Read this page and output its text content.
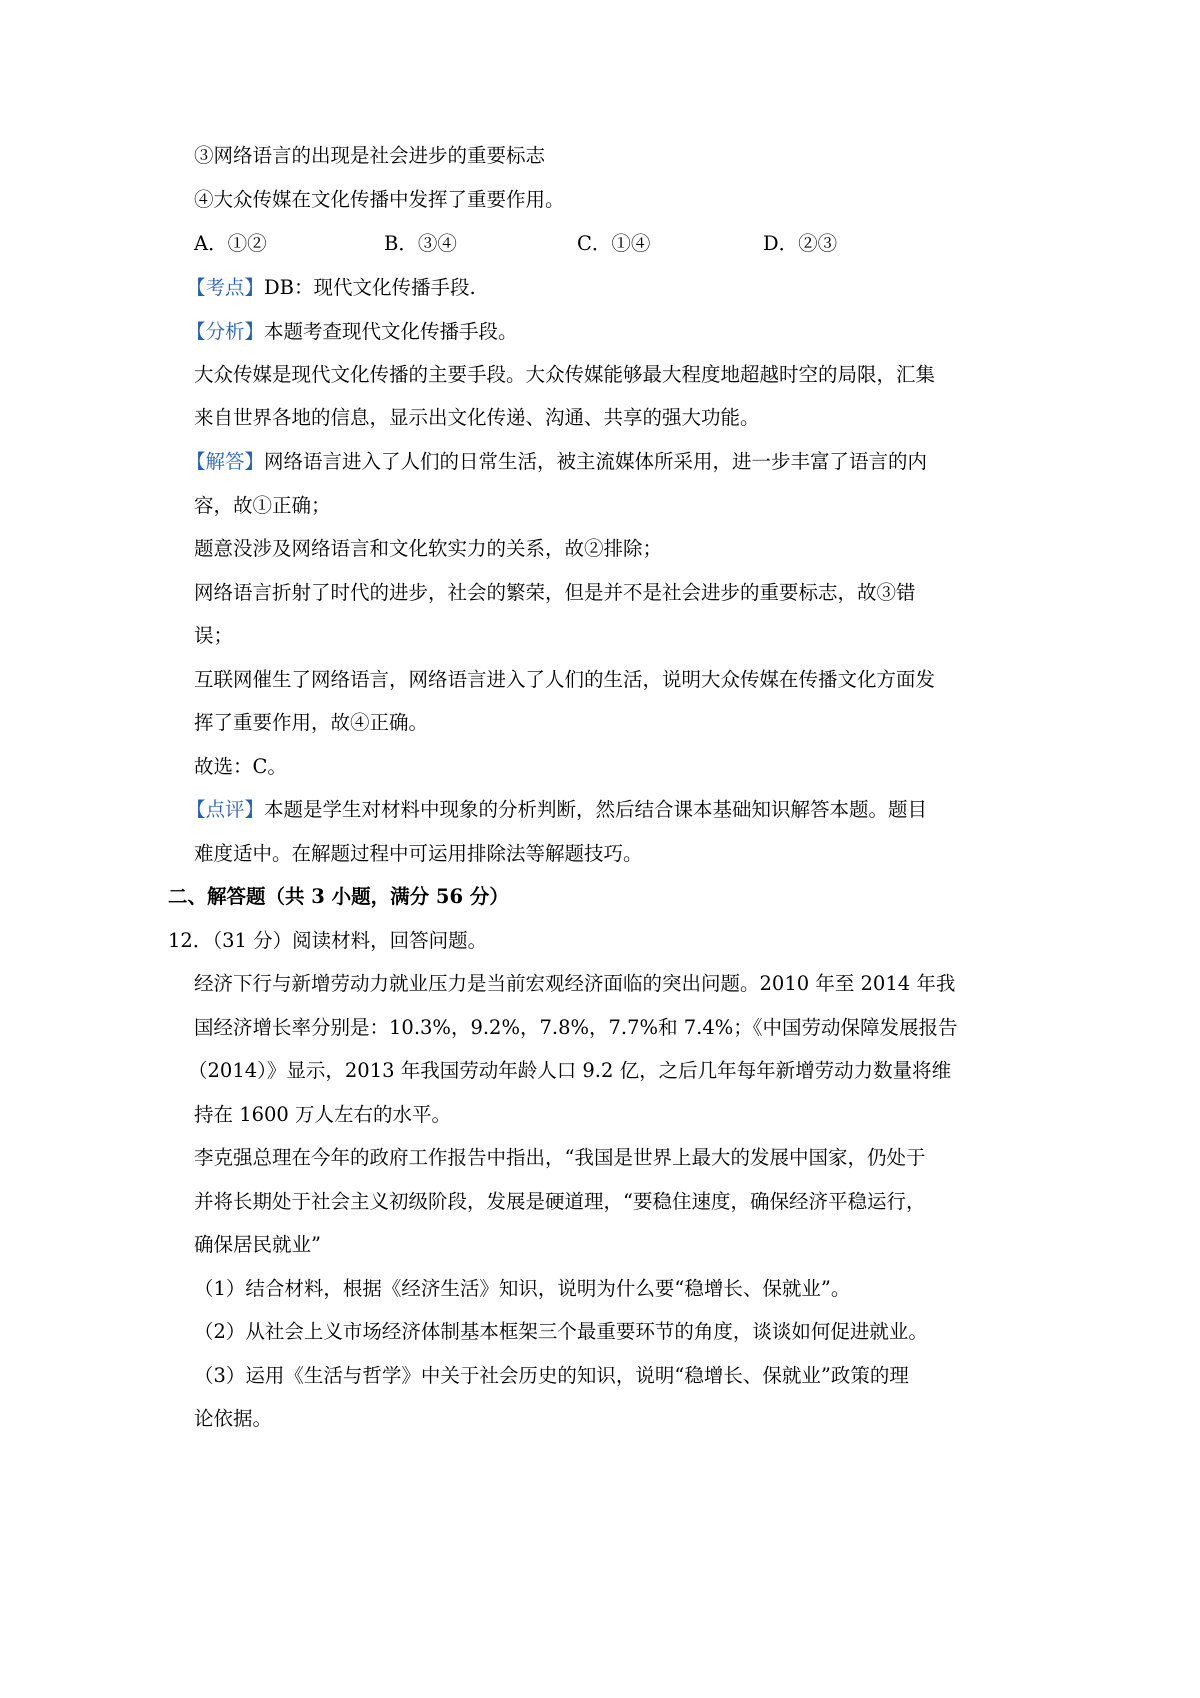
③网络语言的出现是社会进步的重要标志
④大众传媒在文化传播中发挥了重要作用。
A．①②	B．③④	C．①④	D．②③
【考点】DB：现代文化传播手段.
【分析】本题考查现代文化传播手段。
大众传媒是现代文化传播的主要手段。大众传媒能够最大程度地超越时空的局限，汇集
来自世界各地的信息，显示出文化传递、沟通、共享的强大功能。
【解答】网络语言进入了人们的日常生活，被主流媒体所采用，进一步丰富了语言的内
容，故①正确；
题意没涉及网络语言和文化软实力的关系，故②排除；
网络语言折射了时代的进步，社会的繁荣，但是并不是社会进步的重要标志，故③错
误；
互联网催生了网络语言，网络语言进入了人们的生活，说明大众传媒在传播文化方面发
挥了重要作用，故④正确。
故选：C。
【点评】本题是学生对材料中现象的分析判断，然后结合课本基础知识解答本题。题目
难度适中。在解题过程中可运用排除法等解题技巧。
二、解答题（共 3 小题，满分 56 分）
12．（31 分）阅读材料，回答问题。
经济下行与新增劳动力就业压力是当前宏观经济面临的突出问题。2010 年至 2014 年我
国经济增长率分别是：10.3%，9.2%，7.8%，7.7%和 7.4%；《中国劳动保障发展报告
（2014）》显示，2013 年我国劳动年龄人口 9.2 亿，之后几年每年新增劳动力数量将维
持在 1600 万人左右的水平。
李克强总理在今年的政府工作报告中指出，“我国是世界上最大的发展中国家，仍处于
并将长期处于社会主义初级阶段，发展是硬道理，“要稳住速度，确保经济平稳运行，
确保居民就业”
（1）结合材料，根据《经济生活》知识，说明为什么要“稳增长、保就业”。
（2）从社会上义市场经济体制基本框架三个最重要环节的角度，谈谈如何促进就业。
（3）运用《生活与哲学》中关于社会历史的知识，说明“稳增长、保就业”政策的理
论依据。
